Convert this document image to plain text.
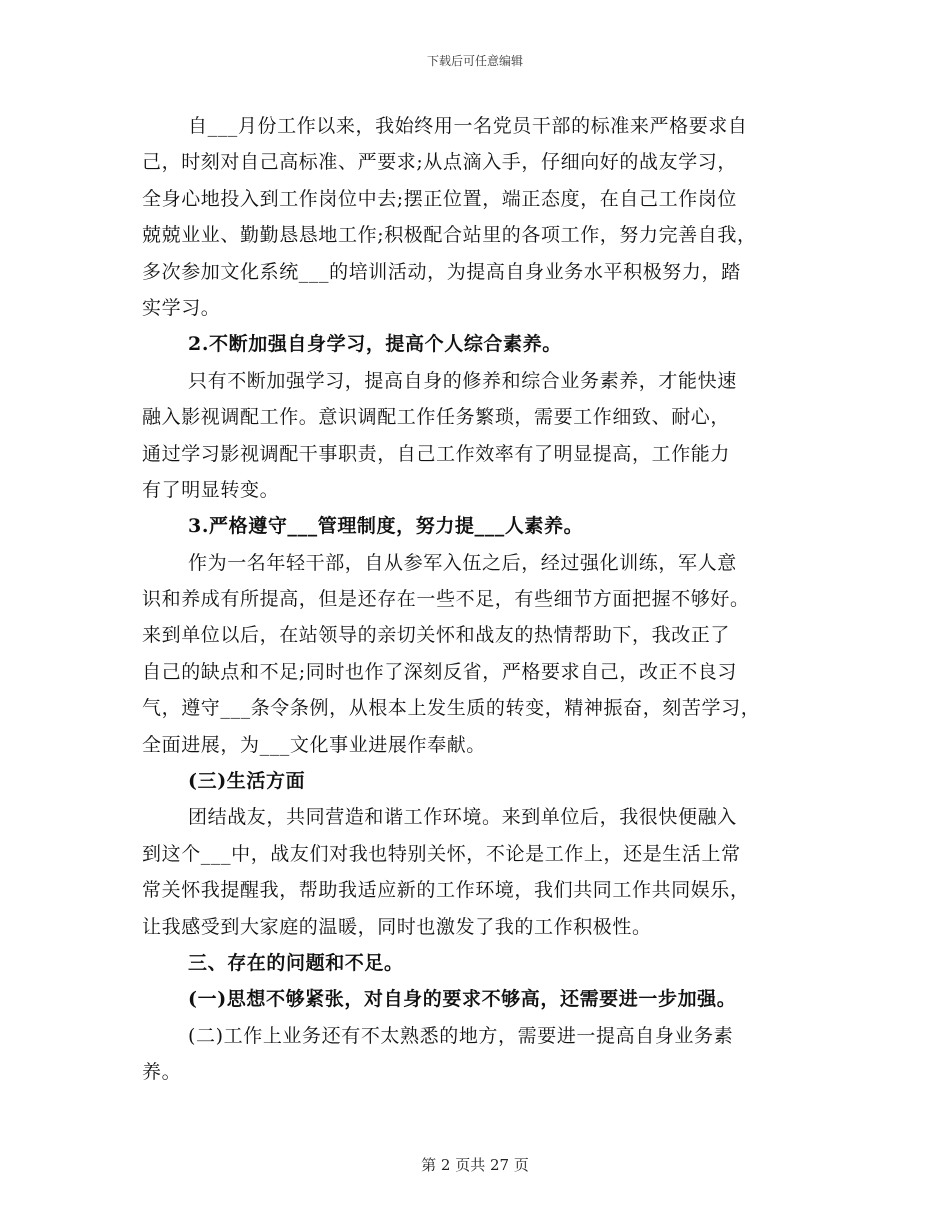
下载后可任意编辑
自___月份工作以来，我始终用一名党员干部的标准来严格要求自
己，时刻对自己高标准、严要求;从点滴入手，仔细向好的战友学习，
全身心地投入到工作岗位中去;摆正位置，端正态度，在自己工作岗位
兢兢业业、勤勤恳恳地工作;积极配合站里的各项工作，努力完善自我，
多次参加文化系统___的培训活动，为提高自身业务水平积极努力，踏
实学习。
2.不断加强自身学习，提高个人综合素养。
只有不断加强学习，提高自身的修养和综合业务素养，才能快速
融入影视调配工作。意识调配工作任务繁琐，需要工作细致、耐心，
通过学习影视调配干事职责，自己工作效率有了明显提高，工作能力
有了明显转变。
3.严格遵守___管理制度，努力提___人素养。
作为一名年轻干部，自从参军入伍之后，经过强化训练，军人意
识和养成有所提高，但是还存在一些不足，有些细节方面把握不够好。
来到单位以后，在站领导的亲切关怀和战友的热情帮助下，我改正了
自己的缺点和不足;同时也作了深刻反省，严格要求自己，改正不良习
气，遵守___条令条例，从根本上发生质的转变，精神振奋，刻苦学习，
全面进展，为___文化事业进展作奉献。
(三)生活方面
团结战友，共同营造和谐工作环境。来到单位后，我很快便融入
到这个___中，战友们对我也特别关怀，不论是工作上，还是生活上常
常关怀我提醒我，帮助我适应新的工作环境，我们共同工作共同娱乐，
让我感受到大家庭的温暖，同时也激发了我的工作积极性。
三、存在的问题和不足。
(一)思想不够紧张，对自身的要求不够高，还需要进一步加强。
(二)工作上业务还有不太熟悉的地方，需要进一提高自身业务素
养。
第 2 页共 27 页
